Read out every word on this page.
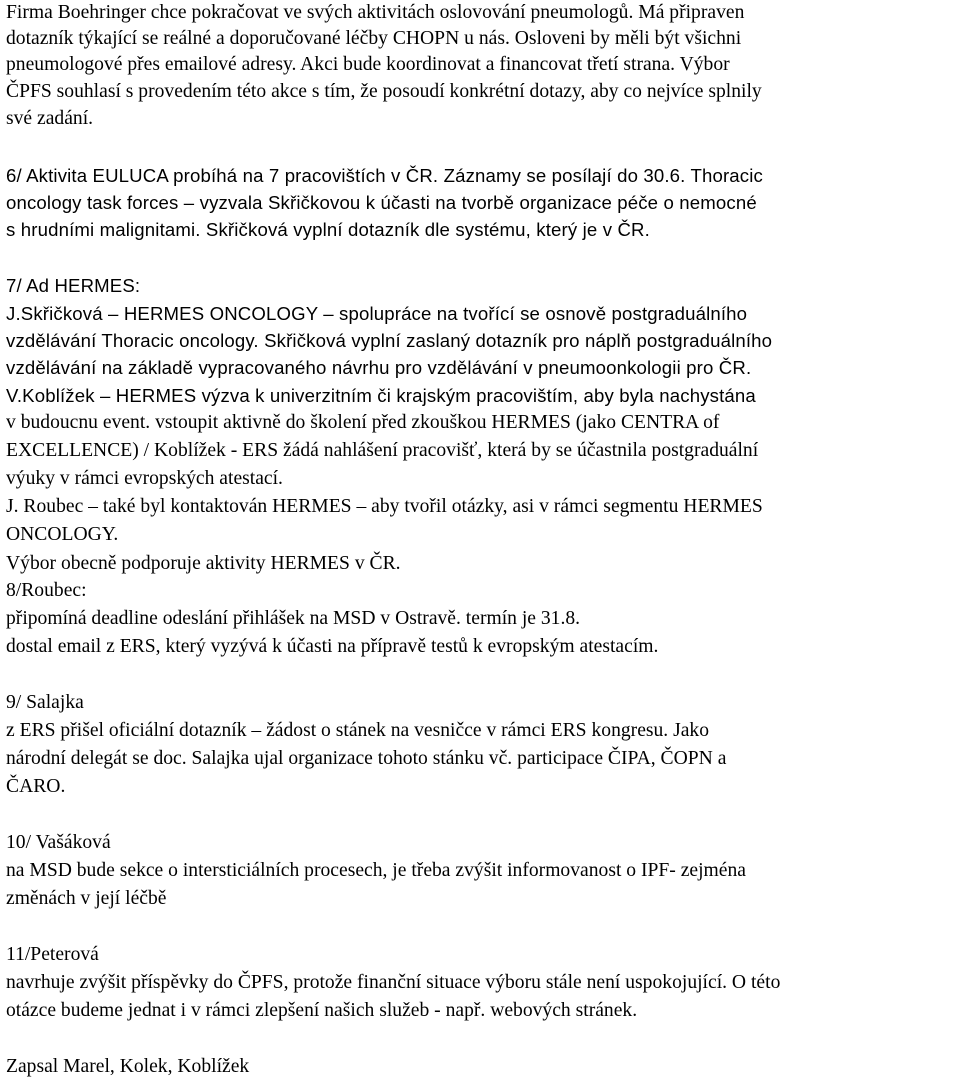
Firma Boehringer chce pokračovat ve svých aktivitách oslovování pneumologů. Má připraven
dotazník týkající se reálné a doporučované léčby CHOPN u nás. Osloveni by měli být všichni
pneumologové přes emailové adresy. Akci bude koordinovat a financovat třetí strana. Výbor
ČPFS souhlasí s provedením této akce s tím, že posoudí konkrétní dotazy, aby co nejvíce splnily
své zadání.
6/ Aktivita EULUCA probíhá na 7 pracovištích v ČR. Záznamy se posílají do 30.6. Thoracic
oncology task forces – vyzvala Skřičkovou k účasti na tvorbě organizace péče o nemocné
s hrudními malignitami. Skřičková vyplní dotazník dle systému, který je v ČR.
7/ Ad HERMES:
J.Skřičková – HERMES ONCOLOGY – spolupráce na tvořící se osnově postgraduálního
vzdělávání Thoracic oncology. Skřičková vyplní zaslaný dotazník pro náplň postgraduálního
vzdělávání na základě vypracovaného návrhu pro vzdělávání v pneumoonkologii pro ČR.
V.Koblížek – HERMES výzva k univerzitním či krajským pracovištím, aby byla nachystána
v budoucnu event. vstoupit aktivně do školení před zkouškou HERMES (jako CENTRA of
EXCELLENCE) / Koblížek - ERS žádá nahlášení pracovišť, která by se účastnila postgraduální
výuky v rámci evropských atestací.
J. Roubec – také byl kontaktován HERMES – aby tvořil otázky, asi v rámci segmentu HERMES
ONCOLOGY.
Výbor obecně podporuje aktivity HERMES v ČR.
8/Roubec:
připomíná deadline odeslání přihlášek na MSD v Ostravě. termín je 31.8.
dostal email z ERS, který vyzývá k účasti na přípravě testů k evropským atestacím.
9/ Salajka
z ERS přišel oficiální dotazník – žádost o stánek na vesničce v rámci ERS kongresu. Jako
národní delegát se doc. Salajka ujal organizace tohoto stánku vč. participace ČIPA, ČOPN a
ČARO.
10/ Vašáková
na MSD bude sekce o intersticiálních procesech, je třeba zvýšit informovanost o IPF- zejména
změnách v její léčbě
11/Peterová
navrhuje zvýšit příspěvky do ČPFS, protože finanční situace výboru stále není uspokojující. O této
otázce budeme jednat i v rámci zlepšení našich služeb - např. webových stránek.
Zapsal Marel, Kolek, Koblížek
